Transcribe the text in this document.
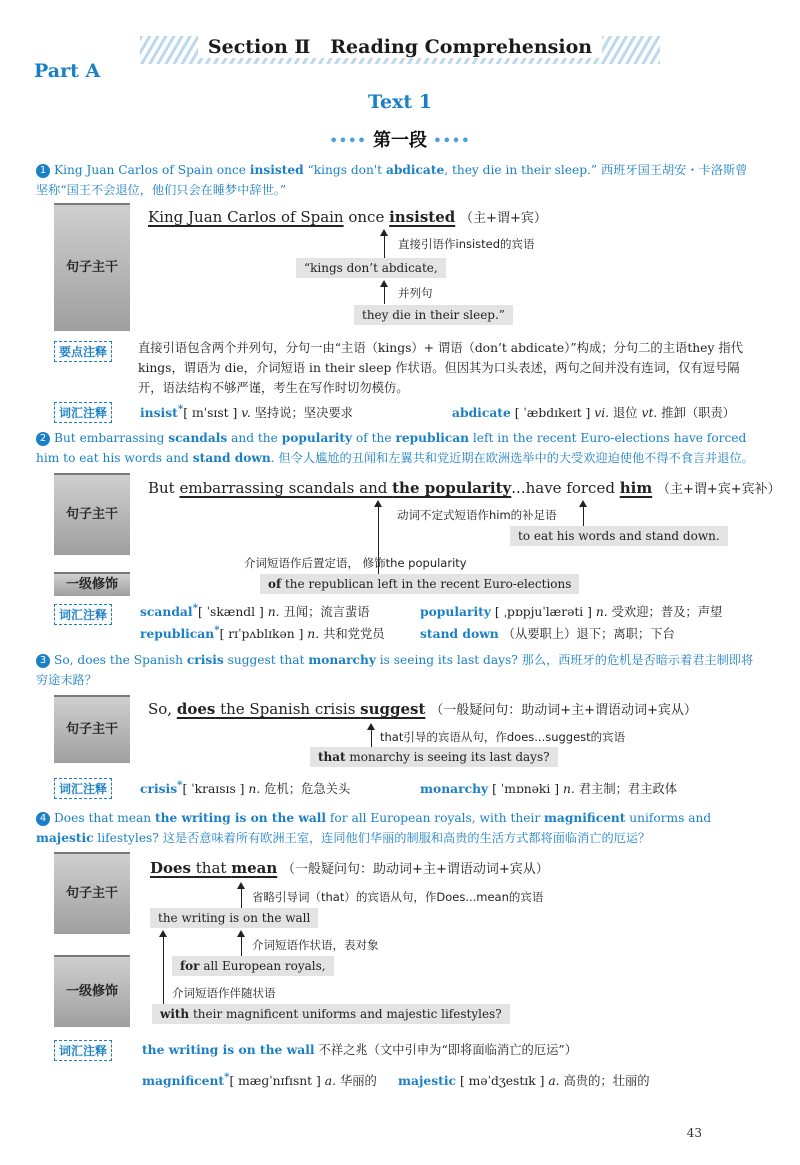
Section Ⅱ Reading Comprehension
Part A
Text 1
•••• 第一段 ••••
1 King Juan Carlos of Spain once insisted “kings don't abdicate, they die in their sleep.” 西班牙国王胡安・卡洛斯曾坚称“国王不会退位，他们只会在睡梦中辞世。”
句子主干
King Juan Carlos of Spain once insisted （主+谓+宾）
直接引语作insisted的宾语
“kings don’t abdicate,
并列句
they die in their sleep.”
要点注释	直接引语包含两个并列句，分句一由“主语（kings）+ 谓语（don’t abdicate）”构成；分句二的主语they 指代 kings，谓语为 die，介词短语 in their sleep 作状语。但因其为口头表述，两句之间并没有连词，仅有逗号隔开，语法结构不够严谨，考生在写作时切勿模仿。
词汇注释	insist*[ ɪnˈsɪst ] v. 坚持说；坚决要求	abdicate [ ˈæbdɪkeɪt ] vi. 退位 vt. 推卸（职责）
2 But embarrassing scandals and the popularity of the republican left in the recent Euro-elections have forced him to eat his words and stand down. 但令人尴尬的丑闻和左翼共和党近期在欧洲选举中的大受欢迎迫使他不得不食言并退位。
句子主干
But embarrassing scandals and the popularity...have forced him （主+谓+宾+宾补）
动词不定式短语作him的补足语
to eat his words and stand down.
介词短语作后置定语， 修饰the popularity
一级修饰	of the republican left in the recent Euro-elections
词汇注释	scandal*[ ˈskændl ] n. 丑闻；流言蜚语	popularity [ ˌpɒpjuˈlærəti ] n. 受欢迎；普及；声望
republican*[ rɪˈpʌblɪkən ] n. 共和党党员	stand down （从要职上）退下；离职；下台
3 So, does the Spanish crisis suggest that monarchy is seeing its last days? 那么，西班牙的危机是否暗示着君主制即将穷途末路？
句子主干
So, does the Spanish crisis suggest （一般疑问句：助动词+主+谓语动词+宾从）
that引导的宾语从句，作does...suggest的宾语
that monarchy is seeing its last days?
词汇注释	crisis*[ ˈkraɪsɪs ] n. 危机；危急关头	monarchy [ ˈmɒnəki ] n. 君主制；君主政体
4 Does that mean the writing is on the wall for all European royals, with their magnificent uniforms and majestic lifestyles? 这是否意味着所有欧洲王室，连同他们华丽的制服和高贵的生活方式都将面临消亡的厄运？
句子主干
Does that mean （一般疑问句：助动词+主+谓语动词+宾从）
省略引导词（that）的宾语从句，作Does...mean的宾语
the writing is on the wall
介词短语作状语，表对象
for all European royals,
一级修饰	介词短语作伴随状语
with their magnificent uniforms and majestic lifestyles?
词汇注释	the writing is on the wall 不祥之兆（文中引申为“即将面临消亡的厄运”）
magnificent*[ mæɡˈnɪfɪsnt ] a. 华丽的 majestic [ məˈdʒestɪk ] a. 高贵的；壮丽的
43
